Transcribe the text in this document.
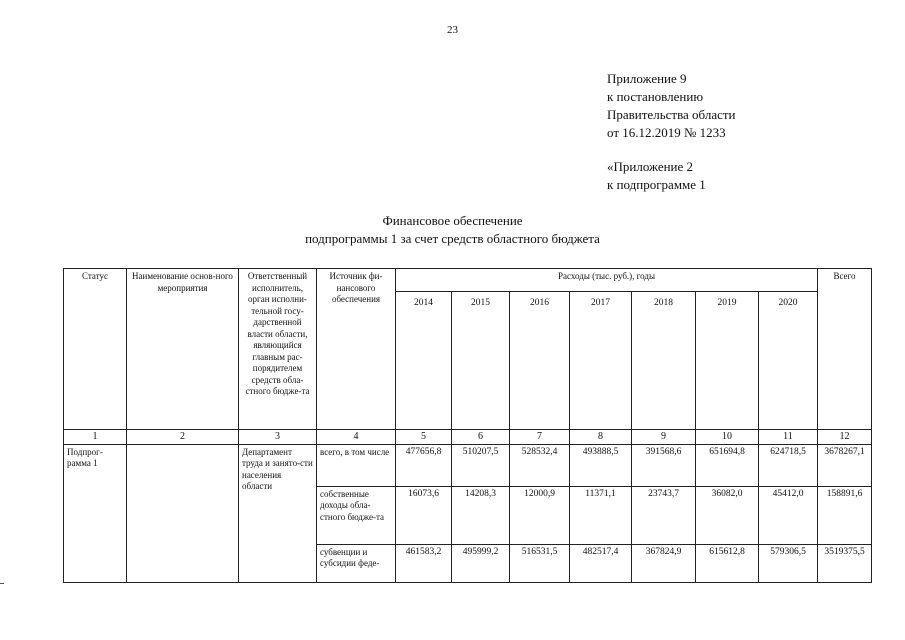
23
Приложение 9
к постановлению
Правительства области
от 16.12.2019 № 1233
«Приложение 2
к подпрограмме 1
Финансовое обеспечение
подпрограммы 1 за счет средств областного бюджета
Статус	Наименование основ-ного мероприятия	Ответственный исполнитель, орган исполни-тельной госу-дарственной власти области, являющийся главным рас-порядителем средств обла-стного бюдже-та	Источник фи-нансового обеспечения	Расходы (тыс. руб.), годы							Всего
				2014	2015	2016	2017	2018	2019	2020	
1	2	3	4	5	6	7	8	9	10	11	12
Подпрог-рамма 1		Департамент труда и занято-сти населения области	всего, в том числе	477656,8	510207,5	528532,4	493888,5	391568,6	651694,8	624718,5	3678267,1
			собственные доходы обла-стного бюдже-та	16073,6	14208,3	12000,9	11371,1	23743,7	36082,0	45412,0	158891,6
			субвенции и субсидии феде-	461583,2	495999,2	516531,5	482517,4	367824,9	615612,8	579306,5	3519375,5
